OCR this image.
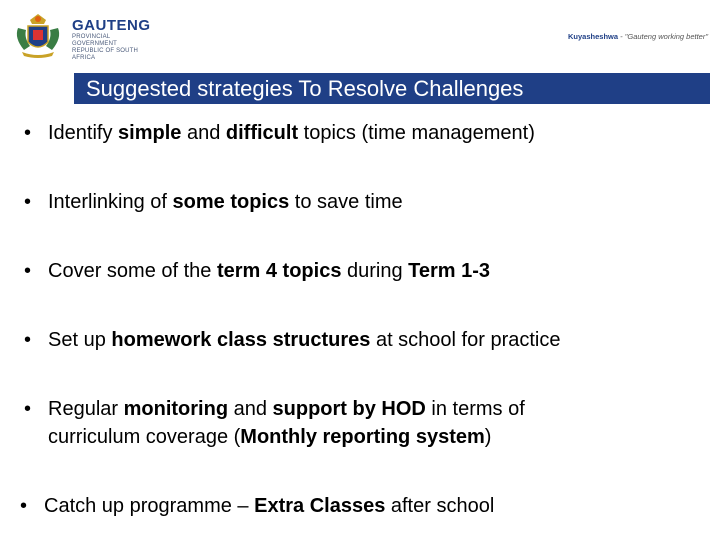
GAUTENG
PROVINCIAL GOVERNMENT
REPUBLIC OF SOUTH AFRICA
Kuyasheshwa - "Gauteng working better"
Suggested strategies To Resolve Challenges
• Identify simple and difficult topics (time management)
• Interlinking of some topics to save time
• Cover some of the term 4 topics during Term 1-3
• Set up homework class structures at school for practice
• Regular monitoring and support by HOD in terms of
curriculum coverage (Monthly reporting system)
• Catch up programme – Extra Classes after school
